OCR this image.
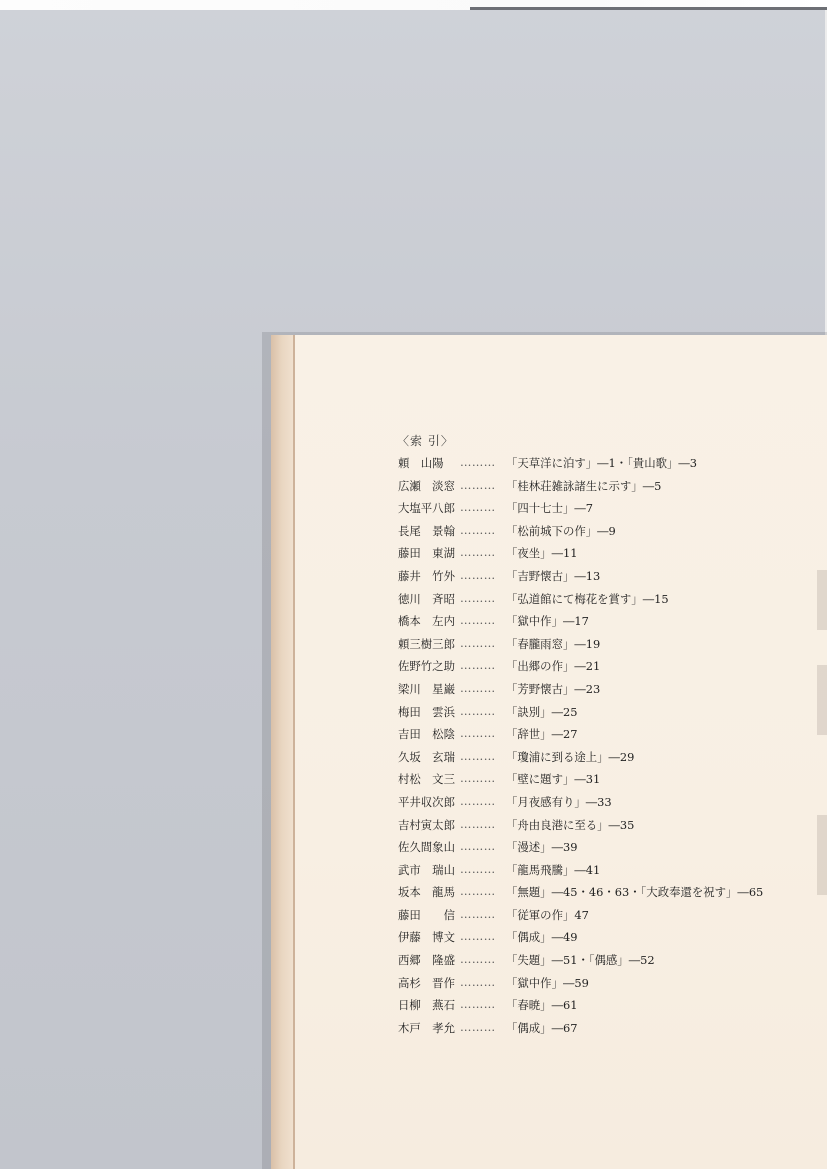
〈索 引〉
頼　山陽	……… 「天草洋に泊す」―1・「貴山歌」―3
広瀬　淡窓 ……… 「桂林荘雑詠諸生に示す」―5
大塩平八郎 ……… 「四十七士」―7
長尾　景翰 ……… 「松前城下の作」―9
藤田　東湖 ……… 「夜坐」―11
藤井　竹外 ……… 「吉野懐古」―13
徳川　斉昭 ……… 「弘道館にて梅花を賞す」―15
橋本　左内 ……… 「獄中作」―17
頼三樹三郎 ……… 「春朧雨窓」―19
佐野竹之助 ……… 「出郷の作」―21
梁川　星巌 ……… 「芳野懐古」―23
梅田　雲浜 ……… 「訣別」―25
吉田　松陰 ……… 「辞世」―27
久坂　玄瑞 ……… 「瓊浦に到る途上」―29
村松　文三 ……… 「壁に題す」―31
平井収次郎 ……… 「月夜感有り」―33
吉村寅太郎 ……… 「舟由良港に至る」―35
佐久間象山 ……… 「漫述」―39
武市　瑞山 ……… 「龍馬飛騰」―41
坂本　龍馬 ……… 「無題」―45・46・63・「大政奉還を祝す」―65
藤田　　信 ……… 「従軍の作」47
伊藤　博文 ……… 「偶成」―49
西郷　隆盛 ……… 「失題」―51・「偶感」―52
高杉　晋作 ……… 「獄中作」―59
日柳　燕石 ……… 「春暁」―61
木戸　孝允 ……… 「偶成」―67
